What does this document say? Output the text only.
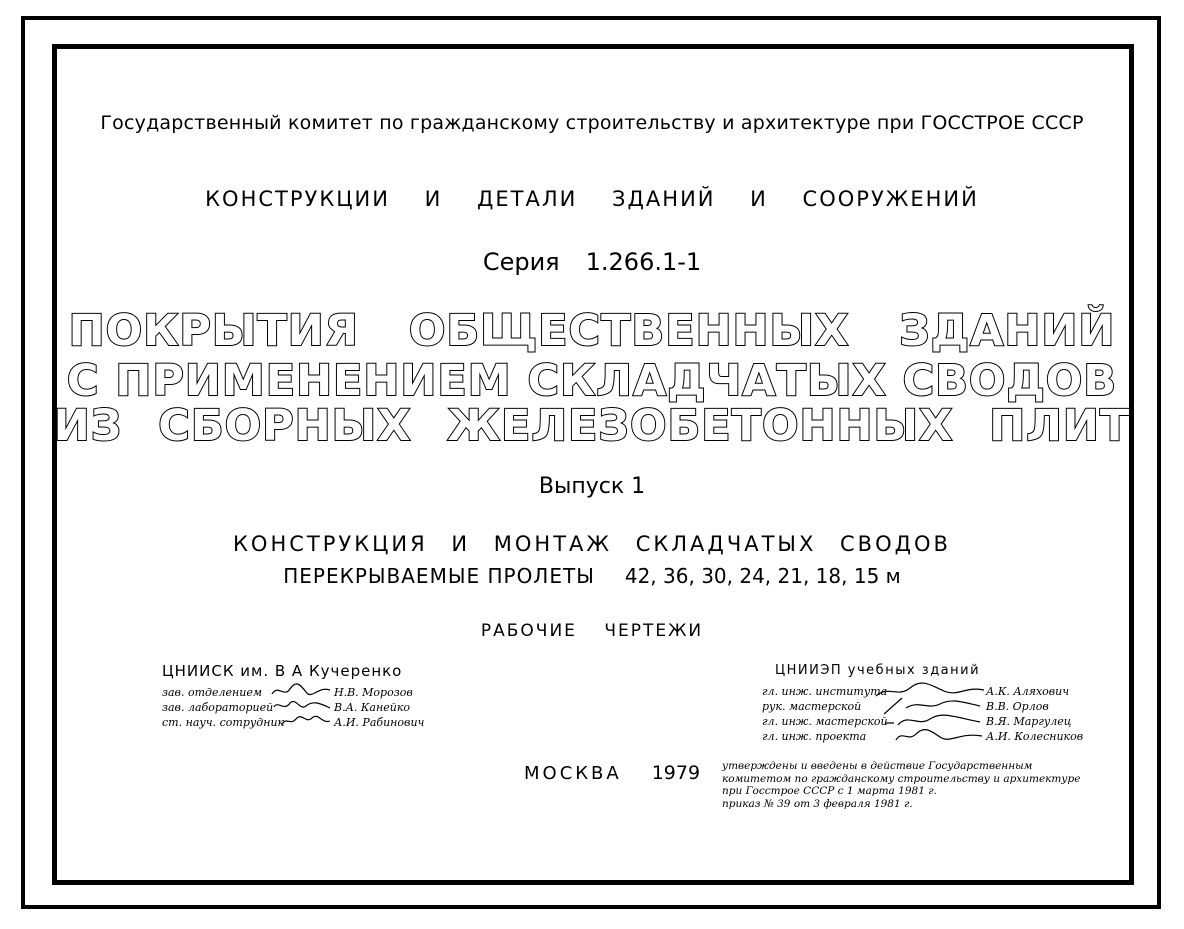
Государственный комитет по гражданскому строительству и архитектуре при ГОССТРОЕ СССР
КОНСТРУКЦИИ И ДЕТАЛИ ЗДАНИЙ И СООРУЖЕНИЙ
Серия 1.266.1-1
ПОКРЫТИЯ ОБЩЕСТВЕННЫХ ЗДАНИЙ
С ПРИМЕНЕНИЕМ СКЛАДЧАТЫХ СВОДОВ
ИЗ СБОРНЫХ ЖЕЛЕЗОБЕТОННЫХ ПЛИТ
Выпуск 1
КОНСТРУКЦИЯ И МОНТАЖ СКЛАДЧАТЫХ СВОДОВ
ПЕРЕКРЫВАЕМЫЕ ПРОЛЕТЫ 42, 36, 30, 24, 21, 18, 15 м
РАБОЧИЕ ЧЕРТЕЖИ
ЦНИИСК им. В А Кучеренко
зав. отделением	Н.В. Морозов
зав. лабораторией	В.А. Канейко
ст. науч. сотрудник	А.И. Рабинович
ЦНИИЭП учебных зданий
гл. инж. института	А.К. Аляхович
рук. мастерской	В.В. Орлов
гл. инж. мастерской	В.Я. Маргулец
гл. инж. проекта	А.И. Колесников
МОСКВА 1979 утверждены и введены в действие Государственным
комитетом по гражданскому строительству и архитектуре
при Госстрое СССР с 1 марта 1981 г.
приказ № 39 от 3 февраля 1981 г.
